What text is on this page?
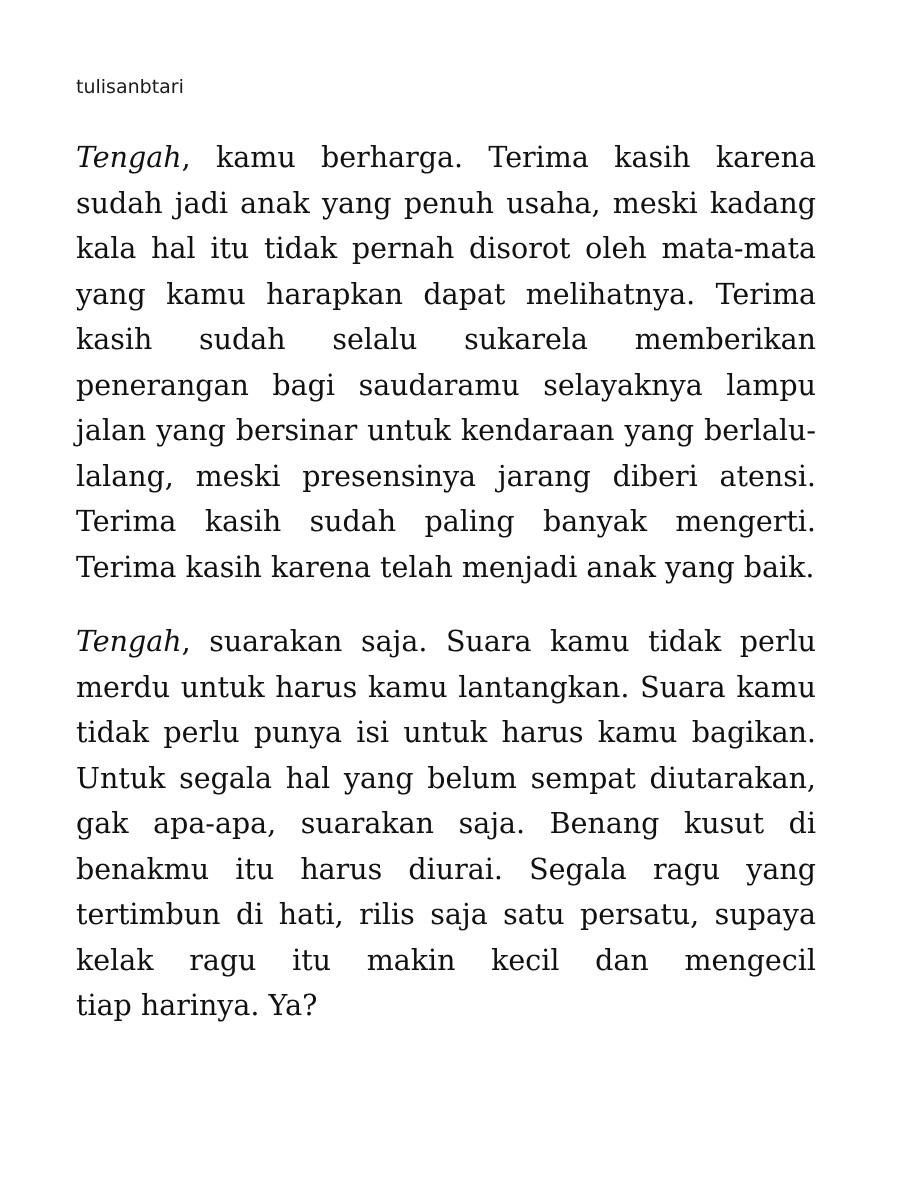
tulisanbtari
Tengah, kamu berharga. Terima kasih karena
sudah jadi anak yang penuh usaha, meski kadang
kala hal itu tidak pernah disorot oleh mata-mata
yang kamu harapkan dapat melihatnya. Terima
kasih sudah selalu sukarela memberikan
penerangan bagi saudaramu selayaknya lampu
jalan yang bersinar untuk kendaraan yang berlalu-
lalang, meski presensinya jarang diberi atensi.
Terima kasih sudah paling banyak mengerti.
Terima kasih karena telah menjadi anak yang baik.
Tengah, suarakan saja. Suara kamu tidak perlu
merdu untuk harus kamu lantangkan. Suara kamu
tidak perlu punya isi untuk harus kamu bagikan.
Untuk segala hal yang belum sempat diutarakan,
gak apa-apa, suarakan saja. Benang kusut di
benakmu itu harus diurai. Segala ragu yang
tertimbun di hati, rilis saja satu persatu, supaya
kelak ragu itu makin kecil dan mengecil
tiap harinya. Ya?
